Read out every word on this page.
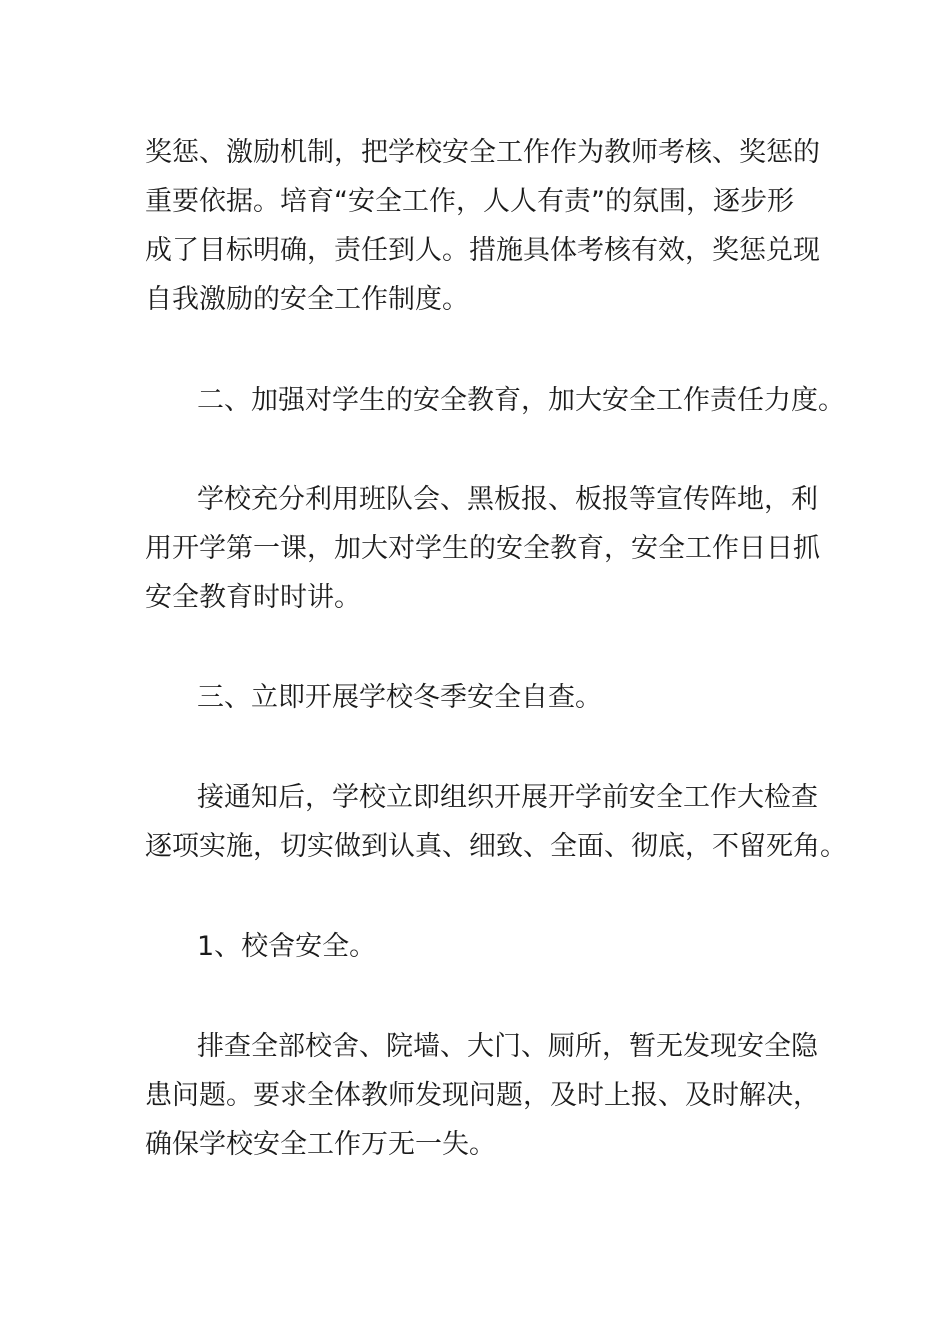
奖惩、激励机制，把学校安全工作作为教师考核、奖惩的
重要依据。培育“安全工作，人人有责”的氛围，逐步形
成了目标明确，责任到人。措施具体考核有效，奖惩兑现
自我激励的安全工作制度。
二、加强对学生的安全教育，加大安全工作责任力度。
学校充分利用班队会、黑板报、板报等宣传阵地，利
用开学第一课，加大对学生的安全教育，安全工作日日抓
安全教育时时讲。
三、立即开展学校冬季安全自查。
接通知后，学校立即组织开展开学前安全工作大检查
逐项实施，切实做到认真、细致、全面、彻底，不留死角。
1、校舍安全。
排查全部校舍、院墙、大门、厕所，暂无发现安全隐
患问题。要求全体教师发现问题，及时上报、及时解决，
确保学校安全工作万无一失。
